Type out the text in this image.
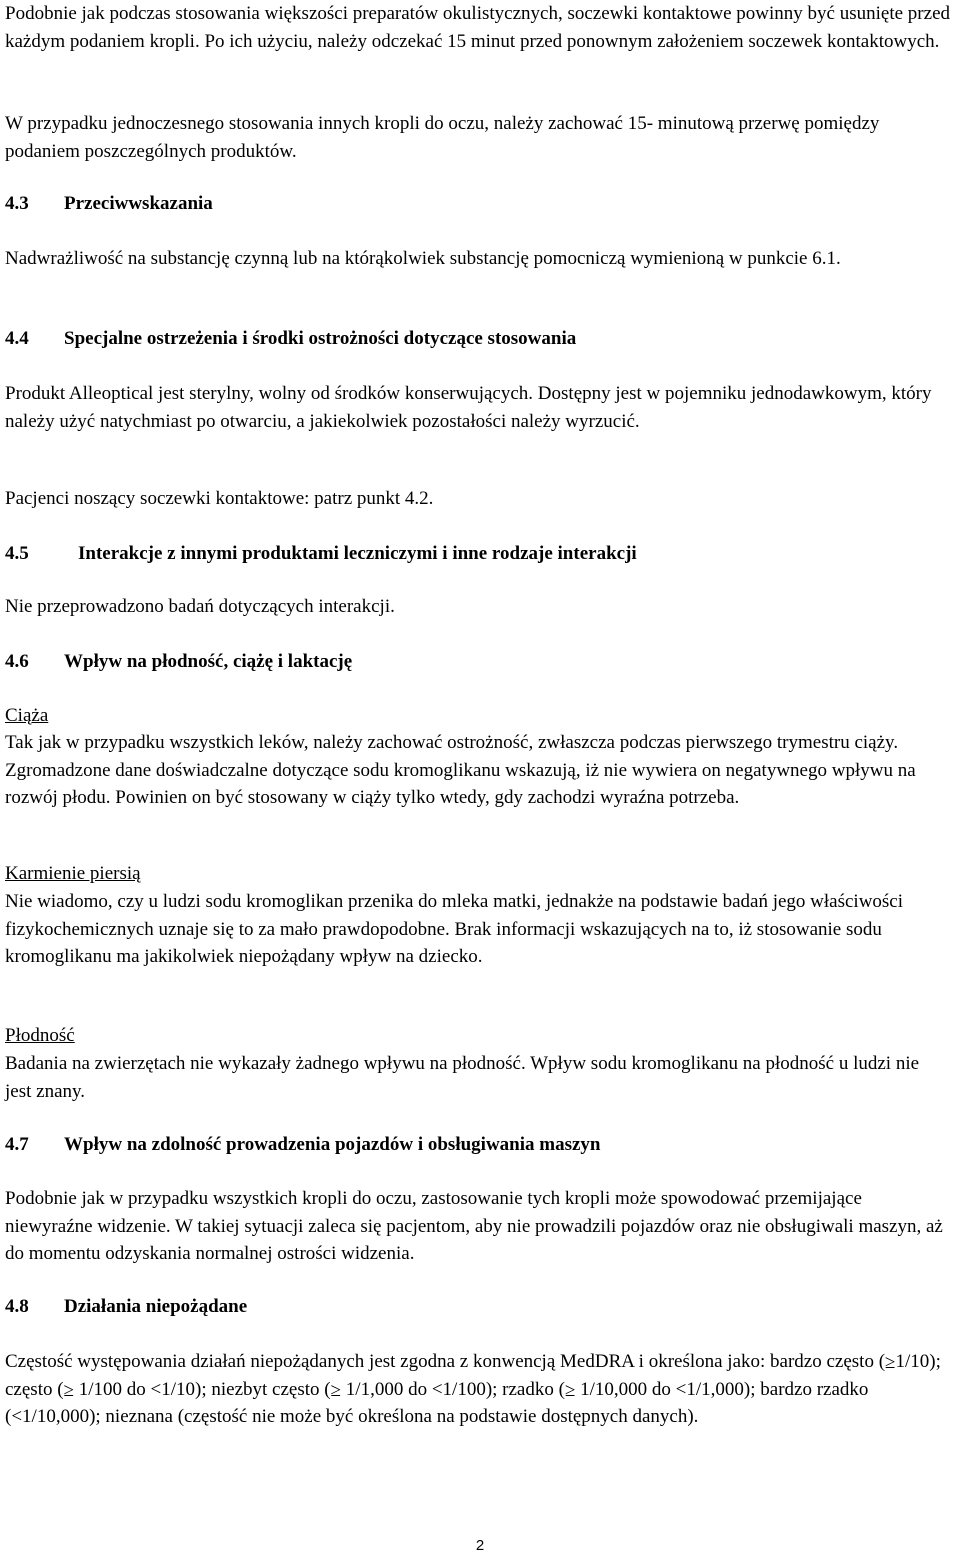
Podobnie jak podczas stosowania większości preparatów okulistycznych, soczewki kontaktowe powinny być usunięte przed każdym podaniem kropli. Po ich użyciu, należy odczekać 15 minut przed ponownym założeniem soczewek kontaktowych.

W przypadku jednoczesnego stosowania innych kropli do oczu, należy zachować 15- minutową przerwę pomiędzy podaniem poszczególnych produktów.

4.3	Przeciwwskazania

Nadwrażliwość na substancję czynną lub na którąkolwiek substancję pomocniczą wymienioną w punkcie 6.1.

4.4	Specjalne ostrzeżenia i środki ostrożności dotyczące stosowania

Produkt Alleoptical jest sterylny, wolny od środków konserwujących. Dostępny jest w pojemniku jednodawkowym, który należy użyć natychmiast po otwarciu, a jakiekolwiek pozostałości należy wyrzucić.

Pacjenci noszący soczewki kontaktowe: patrz punkt 4.2.

4.5	Interakcje z innymi produktami leczniczymi i inne rodzaje interakcji

Nie przeprowadzono badań dotyczących interakcji.

4.6	Wpływ na płodność, ciążę i laktację

Ciąża

Tak jak w przypadku wszystkich leków, należy zachować ostrożność, zwłaszcza podczas pierwszego trymestru ciąży. Zgromadzone dane doświadczalne dotyczące sodu kromoglikanu wskazują, iż nie wywiera on negatywnego wpływu na rozwój płodu. Powinien on być stosowany w ciąży tylko wtedy, gdy zachodzi wyraźna potrzeba.

Karmienie piersią

Nie wiadomo, czy u ludzi sodu kromoglikan przenika do mleka matki, jednakże na podstawie badań jego właściwości fizykochemicznych uznaje się to za mało prawdopodobne. Brak informacji wskazujących na to, iż stosowanie sodu kromoglikanu ma jakikolwiek niepożądany wpływ na dziecko.

Płodność

Badania na zwierzętach nie wykazały żadnego wpływu na płodność. Wpływ sodu kromoglikanu na płodność u ludzi nie jest znany.

4.7	Wpływ na zdolność prowadzenia pojazdów i obsługiwania maszyn

Podobnie jak w przypadku wszystkich kropli do oczu, zastosowanie tych kropli może spowodować przemijające niewyraźne widzenie. W takiej sytuacji zaleca się pacjentom, aby nie prowadzili pojazdów oraz nie obsługiwali maszyn, aż do momentu odzyskania normalnej ostrości widzenia.

4.8	Działania niepożądane

Częstość występowania działań niepożądanych jest zgodna z konwencją MedDRA i określona jako: bardzo często (≥1/10); często (≥ 1/100 do <1/10); niezbyt często (≥ 1/1,000 do <1/100); rzadko (≥ 1/10,000 do <1/1,000); bardzo rzadko (<1/10,000); nieznana (częstość nie może być określona na podstawie dostępnych danych).

2
